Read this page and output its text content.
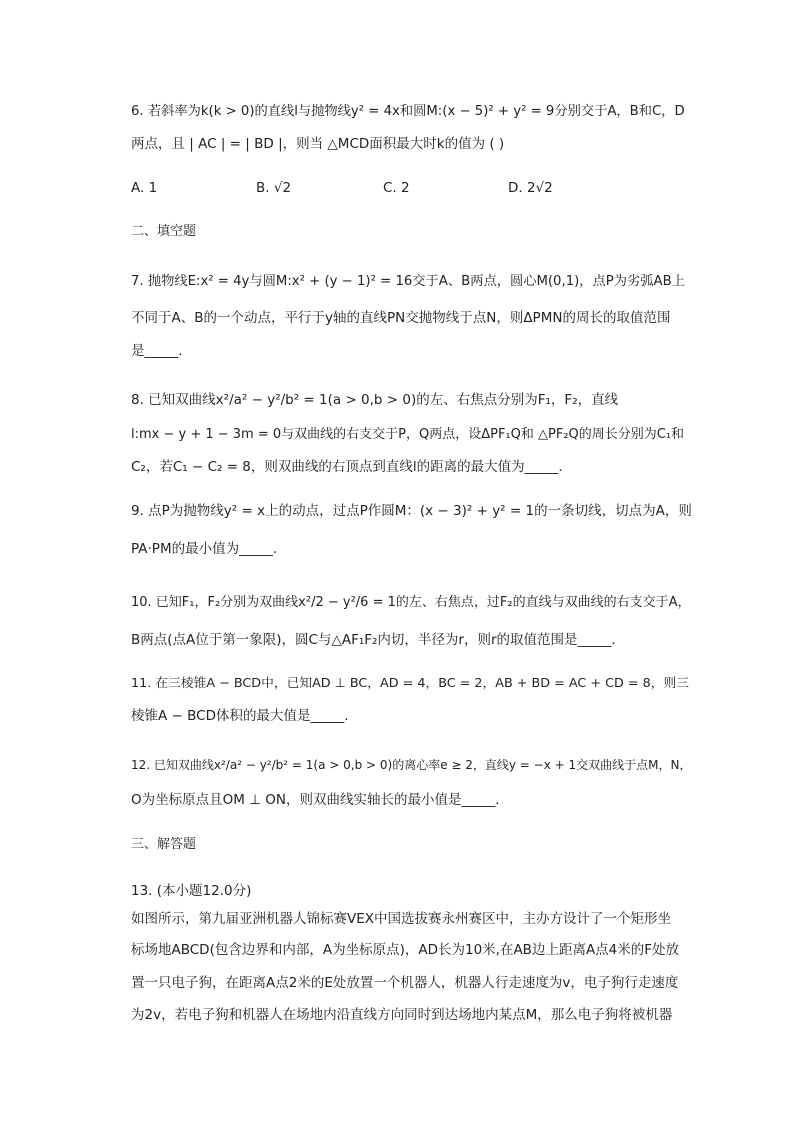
6. 若斜率为k(k > 0)的直线l与抛物线y² = 4x和圆M:(x − 5)² + y² = 9分别交于A，B和C，D
两点，且 | AC | = | BD |，则当 △MCD面积最大时k的值为 ( )
A. 1	B. √2	C. 2	D. 2√2
二、填空题
7. 抛物线E:x² = 4y与圆M:x² + (y − 1)² = 16交于A、B两点，圆心M(0,1)，点P为劣弧AB上
不同于A、B的一个动点，平行于y轴的直线PN交抛物线于点N，则ΔPMN的周长的取值范围
是_____.
8. 已知双曲线x²/a² − y²/b² = 1(a > 0,b > 0)的左、右焦点分别为F₁，F₂，直线
l:mx − y + 1 − 3m = 0与双曲线的右支交于P，Q两点，设ΔPF₁Q和 △PF₂Q的周长分别为C₁和
C₂，若C₁ − C₂ = 8，则双曲线的右顶点到直线l的距离的最大值为_____.
9. 点P为抛物线y² = x上的动点，过点P作圆M：(x − 3)² + y² = 1的一条切线，切点为A，则
PA·PM的最小值为_____.
10. 已知F₁，F₂分别为双曲线x²/2 − y²/6 = 1的左、右焦点，过F₂的直线与双曲线的右支交于A，
B两点(点A位于第一象限)，圆C与△AF₁F₂内切，半径为r，则r的取值范围是_____.
11. 在三棱锥A − BCD中，已知AD ⊥ BC，AD = 4，BC = 2，AB + BD = AC + CD = 8，则三
棱锥A − BCD体积的最大值是_____.
12. 已知双曲线x²/a² − y²/b² = 1(a > 0,b > 0)的离心率e ≥ 2，直线y = −x + 1交双曲线于点M，N，
O为坐标原点且OM ⊥ ON，则双曲线实轴长的最小值是_____.
三、解答题
13. (本小题12.0分)
如图所示，第九届亚洲机器人锦标赛VEX中国选拔赛永州赛区中，主办方设计了一个矩形坐
标场地ABCD(包含边界和内部，A为坐标原点)，AD长为10米,在AB边上距离A点4米的F处放
置一只电子狗，在距离A点2米的E处放置一个机器人，机器人行走速度为v，电子狗行走速度
为2v，若电子狗和机器人在场地内沿直线方向同时到达场地内某点M，那么电子狗将被机器
